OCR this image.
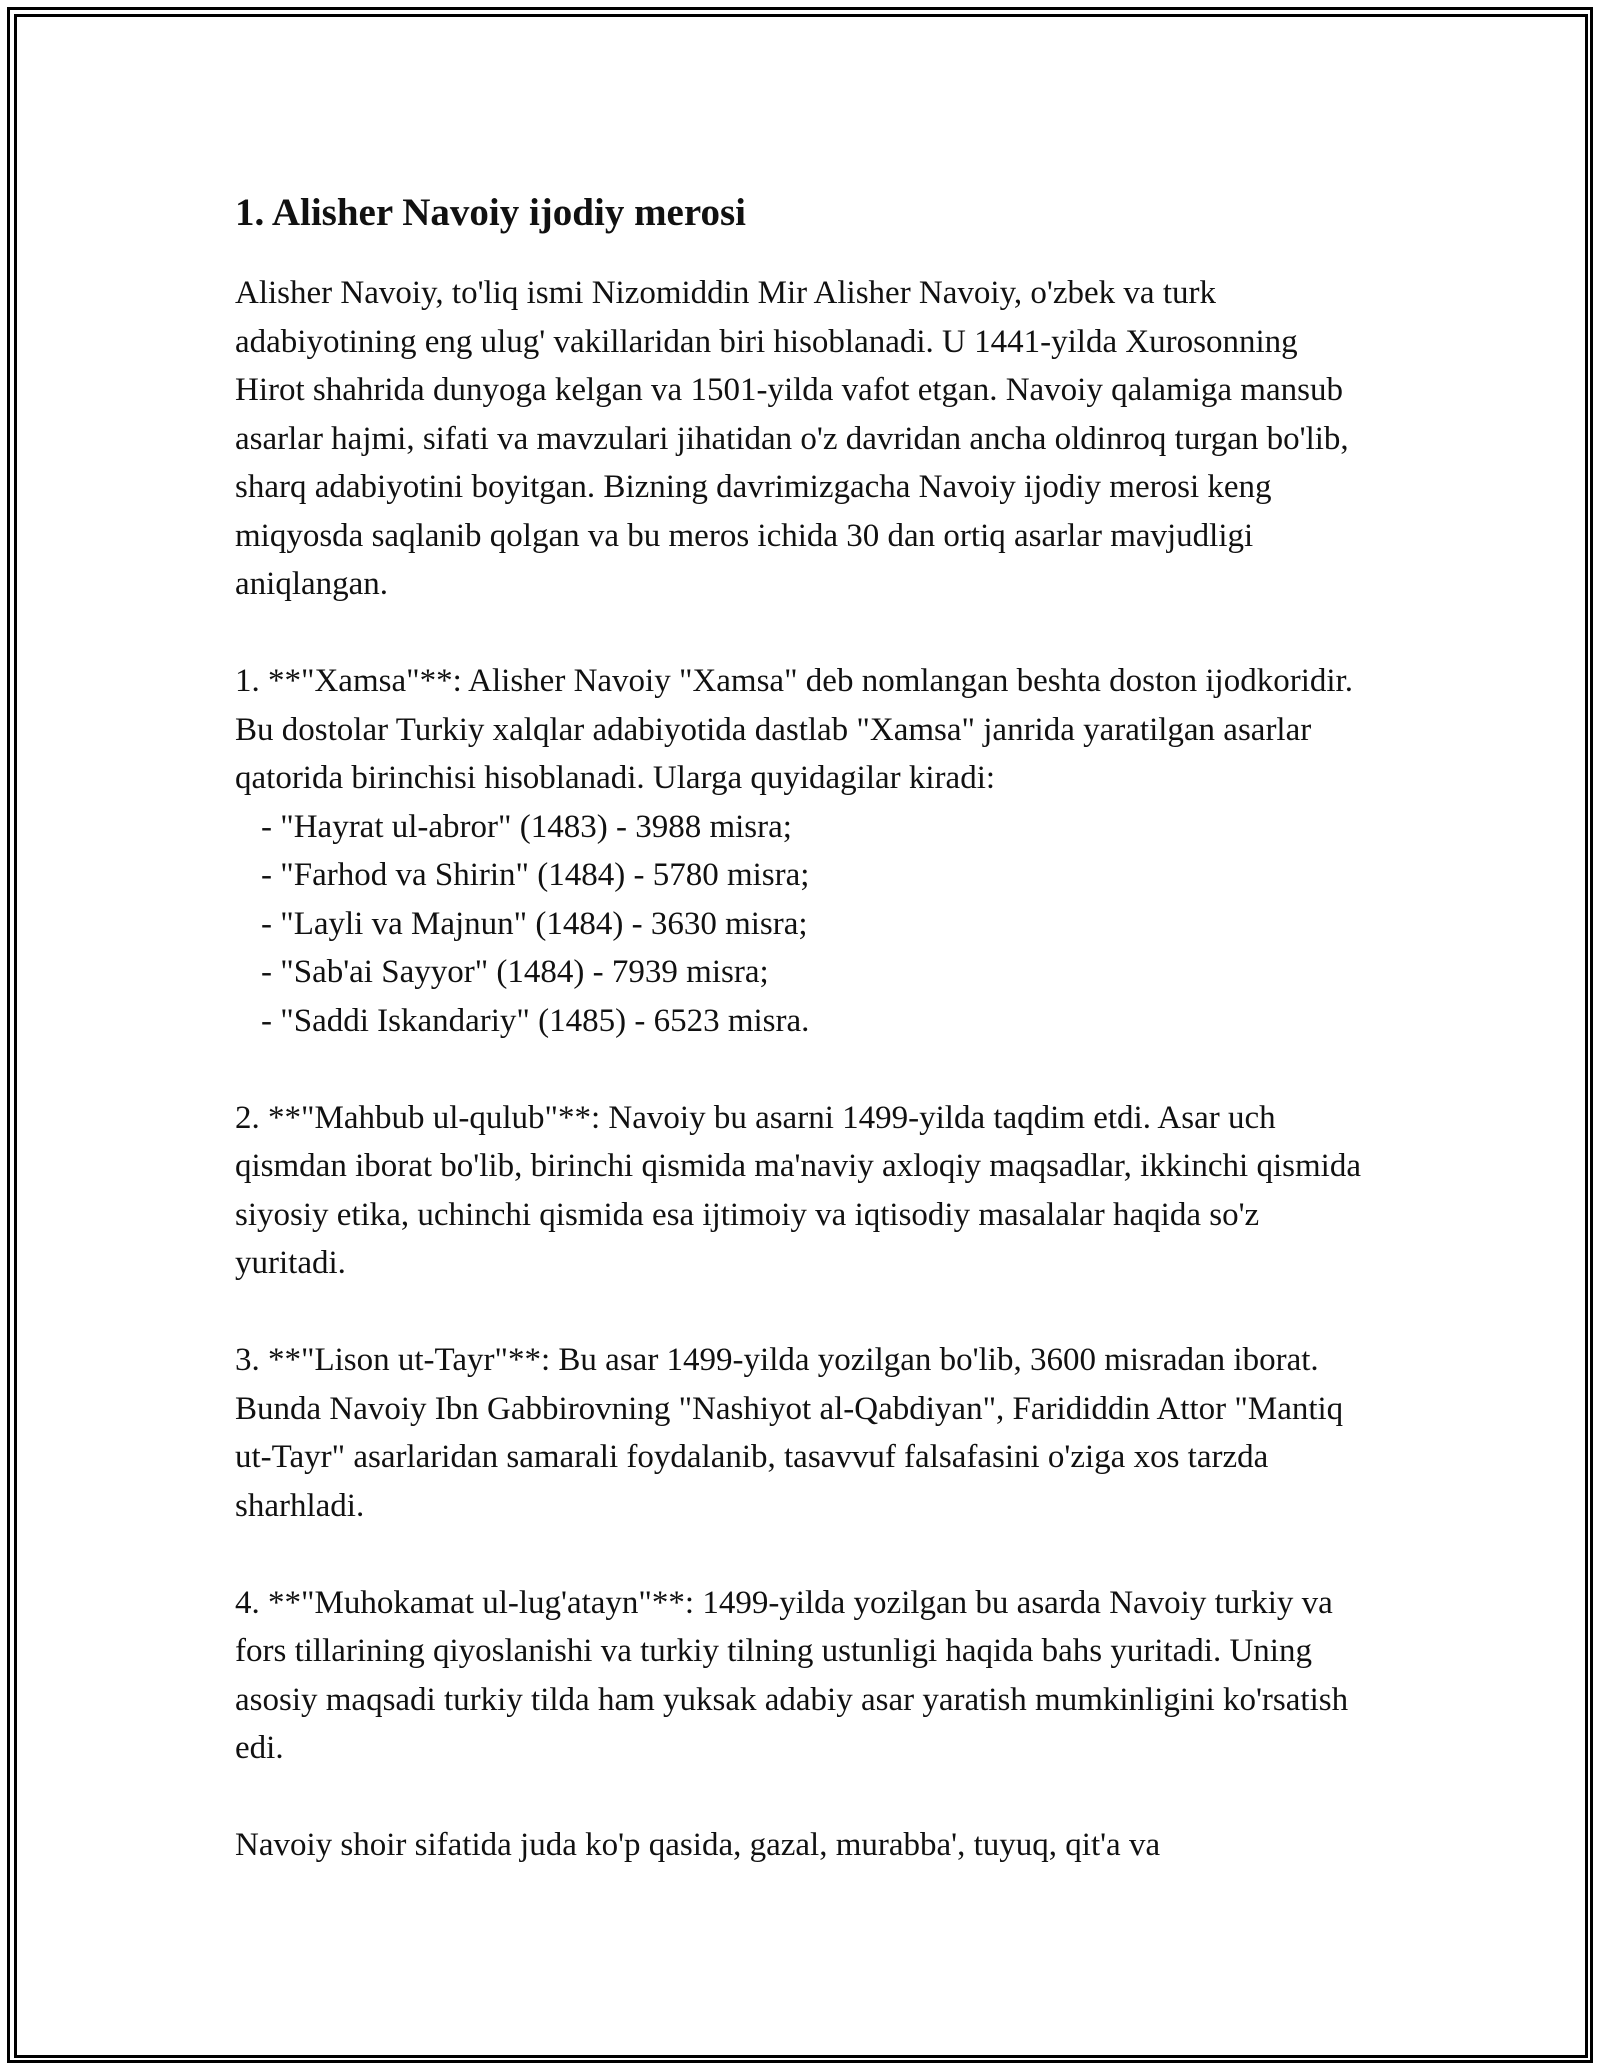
1. Alisher Navoiy ijodiy merosi

Alisher Navoiy, to'liq ismi Nizomiddin Mir Alisher Navoiy, o'zbek va turk adabiyotining eng ulug' vakillaridan biri hisoblanadi. U 1441-yilda Xurosonning Hirot shahrida dunyoga kelgan va 1501-yilda vafot etgan. Navoiy qalamiga mansub asarlar hajmi, sifati va mavzulari jihatidan o'z davridan ancha oldinroq turgan bo'lib, sharq adabiyotini boyitgan. Bizning davrimizgacha Navoiy ijodiy merosi keng miqyosda saqlanib qolgan va bu meros ichida 30 dan ortiq asarlar mavjudligi aniqlangan.

1. **"Xamsa"**: Alisher Navoiy "Xamsa" deb nomlangan beshta doston ijodkoridir. Bu dostolar Turkiy xalqlar adabiyotida dastlab "Xamsa" janrida yaratilgan asarlar qatorida birinchisi hisoblanadi. Ularga quyidagilar kiradi:

- "Hayrat ul-abror" (1483) - 3988 misra;
- "Farhod va Shirin" (1484) - 5780 misra;
- "Layli va Majnun" (1484) - 3630 misra;
- "Sab'ai Sayyor" (1484) - 7939 misra;
- "Saddi Iskandariy" (1485) - 6523 misra.

2. **"Mahbub ul-qulub"**: Navoiy bu asarni 1499-yilda taqdim etdi. Asar uch qismdan iborat bo'lib, birinchi qismida ma'naviy axloqiy maqsadlar, ikkinchi qismida siyosiy etika, uchinchi qismida esa ijtimoiy va iqtisodiy masalalar haqida so'z yuritadi.

3. **"Lison ut-Tayr"**: Bu asar 1499-yilda yozilgan bo'lib, 3600 misradan iborat. Bunda Navoiy Ibn Gabbirovning "Nashiyot al-Qabdiyan", Farididdin Attor "Mantiq ut-Tayr" asarlaridan samarali foydalanib, tasavvuf falsafasini o'ziga xos tarzda sharhladi.

4. **"Muhokamat ul-lug'atayn"**: 1499-yilda yozilgan bu asarda Navoiy turkiy va fors tillarining qiyoslanishi va turkiy tilning ustunligi haqida bahs yuritadi. Uning asosiy maqsadi turkiy tilda ham yuksak adabiy asar yaratish mumkinligini ko'rsatish edi.

Navoiy shoir sifatida juda ko'p qasida, gazal, murabba', tuyuq, qit'a va
